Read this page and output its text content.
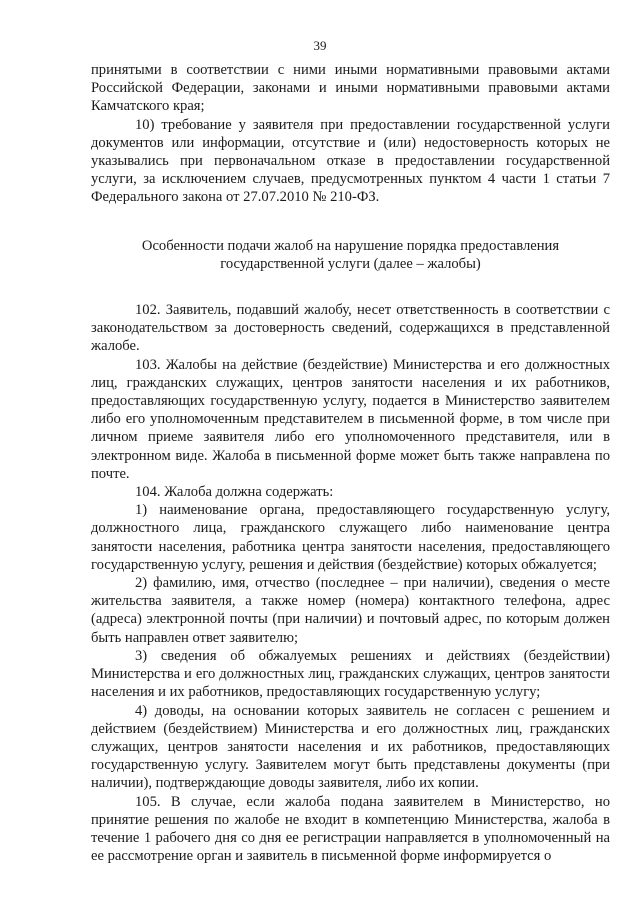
39

принятыми в соответствии с ними иными нормативными правовыми актами Российской Федерации, законами и иными нормативными правовыми актами Камчатского края;

10) требование у заявителя при предоставлении государственной услуги документов или информации, отсутствие и (или) недостоверность которых не указывались при первоначальном отказе в предоставлении государственной услуги, за исключением случаев, предусмотренных пунктом 4 части 1 статьи 7 Федерального закона от 27.07.2010 № 210-ФЗ.

Особенности подачи жалоб на нарушение порядка предоставления государственной услуги (далее – жалобы)

102. Заявитель, подавший жалобу, несет ответственность в соответствии с законодательством за достоверность сведений, содержащихся в представленной жалобе.

103. Жалобы на действие (бездействие) Министерства и его должностных лиц, гражданских служащих, центров занятости населения и их работников, предоставляющих государственную услугу, подается в Министерство заявителем либо его уполномоченным представителем в письменной форме, в том числе при личном приеме заявителя либо его уполномоченного представителя, или в электронном виде. Жалоба в письменной форме может быть также направлена по почте.

104. Жалоба должна содержать:

1) наименование органа, предоставляющего государственную услугу, должностного лица, гражданского служащего либо наименование центра занятости населения, работника центра занятости населения, предоставляющего государственную услугу, решения и действия (бездействие) которых обжалуется;

2) фамилию, имя, отчество (последнее – при наличии), сведения о месте жительства заявителя, а также номер (номера) контактного телефона, адрес (адреса) электронной почты (при наличии) и почтовый адрес, по которым должен быть направлен ответ заявителю;

3) сведения об обжалуемых решениях и действиях (бездействии) Министерства и его должностных лиц, гражданских служащих, центров занятости населения и их работников, предоставляющих государственную услугу;

4) доводы, на основании которых заявитель не согласен с решением и действием (бездействием) Министерства и его должностных лиц, гражданских служащих, центров занятости населения и их работников, предоставляющих государственную услугу. Заявителем могут быть представлены документы (при наличии), подтверждающие доводы заявителя, либо их копии.

105. В случае, если жалоба подана заявителем в Министерство, но принятие решения по жалобе не входит в компетенцию Министерства, жалоба в течение 1 рабочего дня со дня ее регистрации направляется в уполномоченный на ее рассмотрение орган и заявитель в письменной форме информируется о
